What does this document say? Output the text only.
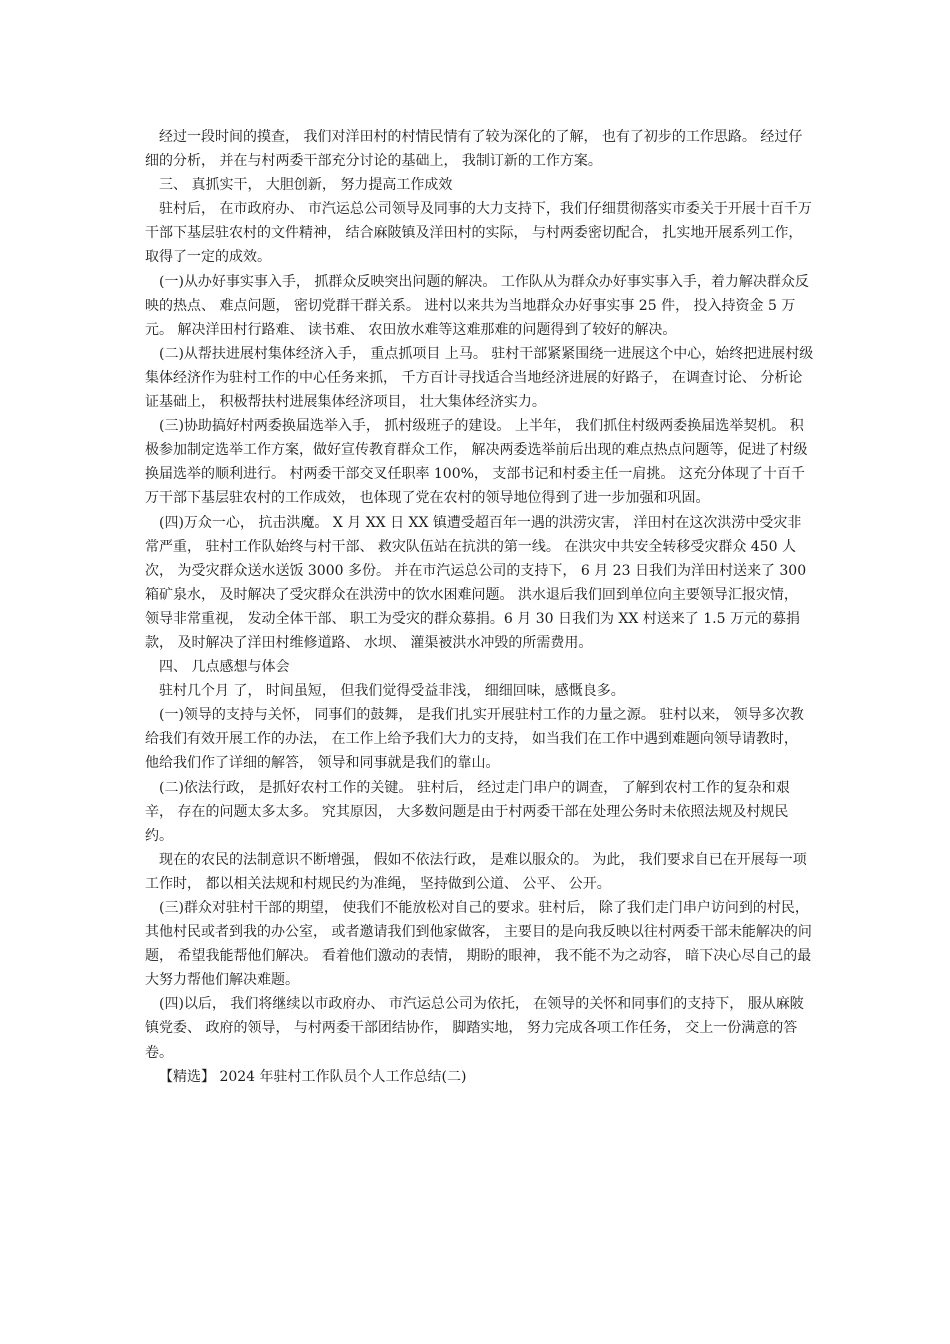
经过一段时间的摸查， 我们对洋田村的村情民情有了较为深化的了解， 也有了初步的工作思路。 经过仔细的分析， 并在与村两委干部充分讨论的基础上， 我制订新的工作方案。

三、 真抓实干， 大胆创新， 努力提高工作成效

驻村后， 在市政府办、 市汽运总公司领导及同事的大力支持下，我们仔细贯彻落实市委关于开展十百千万干部下基层驻农村的文件精神， 结合麻陂镇及洋田村的实际， 与村两委密切配合， 扎实地开展系列工作， 取得了一定的成效。

(一)从办好事实事入手， 抓群众反映突出问题的解决。 工作队从为群众办好事实事入手，着力解决群众反映的热点、 难点问题， 密切党群干群关系。 进村以来共为当地群众办好事实事 25 件， 投入持资金 5 万元。 解决洋田村行路难、 读书难、 农田放水难等这难那难的问题得到了较好的解决。

(二)从帮扶进展村集体经济入手， 重点抓项目 上马。 驻村干部紧紧围绕一进展这个中心，始终把进展村级集体经济作为驻村工作的中心任务来抓， 千方百计寻找适合当地经济进展的好路子， 在调查讨论、 分析论证基础上， 积极帮扶村进展集体经济项目， 壮大集体经济实力。

(三)协助搞好村两委换届选举入手， 抓村级班子的建设。 上半年， 我们抓住村级两委换届选举契机。 积极参加制定选举工作方案，做好宣传教育群众工作， 解决两委选举前后出现的难点热点问题等，促进了村级换届选举的顺利进行。 村两委干部交叉任职率 100%， 支部书记和村委主任一肩挑。 这充分体现了十百千万干部下基层驻农村的工作成效， 也体现了党在农村的领导地位得到了进一步加强和巩固。

(四)万众一心， 抗击洪魔。 X 月 XX 日 XX 镇遭受超百年一遇的洪涝灾害， 洋田村在这次洪涝中受灾非常严重， 驻村工作队始终与村干部、 救灾队伍站在抗洪的第一线。 在洪灾中共安全转移受灾群众 450 人次， 为受灾群众送水送饭 3000 多份。 并在市汽运总公司的支持下， 6 月 23 日我们为洋田村送来了 300 箱矿泉水， 及时解决了受灾群众在洪涝中的饮水困难问题。 洪水退后我们回到单位向主要领导汇报灾情， 领导非常重视， 发动全体干部、 职工为受灾的群众募捐。6 月 30 日我们为 XX 村送来了 1.5 万元的募捐款， 及时解决了洋田村维修道路、 水坝、 灌渠被洪水冲毁的所需费用。

四、 几点感想与体会

驻村几个月 了， 时间虽短， 但我们觉得受益非浅， 细细回味，感慨良多。

(一)领导的支持与关怀， 同事们的鼓舞， 是我们扎实开展驻村工作的力量之源。 驻村以来， 领导多次教给我们有效开展工作的办法， 在工作上给予我们大力的支持， 如当我们在工作中遇到难题向领导请教时， 他给我们作了详细的解答， 领导和同事就是我们的靠山。

(二)依法行政， 是抓好农村工作的关键。 驻村后， 经过走门串户的调查， 了解到农村工作的复杂和艰辛， 存在的问题太多太多。 究其原因， 大多数问题是由于村两委干部在处理公务时未依照法规及村规民约。

现在的农民的法制意识不断增强， 假如不依法行政， 是难以服众的。 为此， 我们要求自已在开展每一项工作时， 都以相关法规和村规民约为准绳， 坚持做到公道、 公平、 公开。

(三)群众对驻村干部的期望， 使我们不能放松对自己的要求。驻村后， 除了我们走门串户访问到的村民， 其他村民或者到我的办公室， 或者邀请我们到他家做客， 主要目的是向我反映以往村两委干部未能解决的问题， 希望我能帮他们解决。 看着他们激动的表情， 期盼的眼神， 我不能不为之动容， 暗下决心尽自己的最大努力帮他们解决难题。

(四)以后， 我们将继续以市政府办、 市汽运总公司为依托， 在领导的关怀和同事们的支持下， 服从麻陂镇党委、 政府的领导， 与村两委干部团结协作， 脚踏实地， 努力完成各项工作任务， 交上一份满意的答卷。

【精选】 2024 年驻村工作队员个人工作总结(二)
